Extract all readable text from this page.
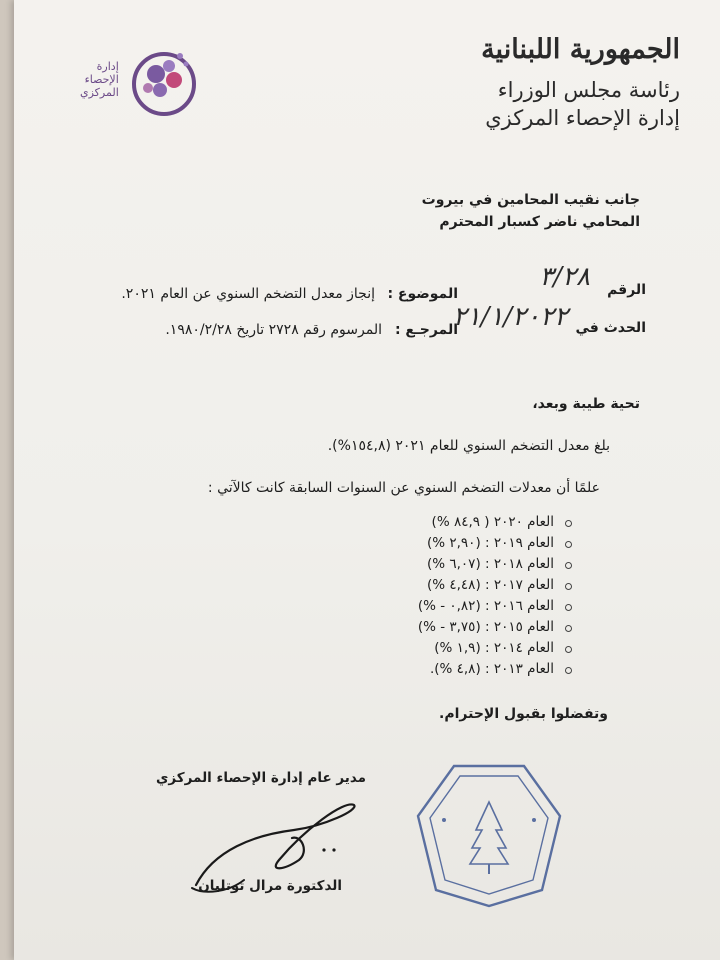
الجمهورية اللبنانية
رئاسة مجلس الوزراء
إدارة الإحصاء المركزي
إدارة
الإحصاء
المركزي
جانب نقيب المحامين في بيروت
المحامي ناضر كسبار المحترم
الرقم
٣/٢٨
الموضوع :
إنجاز معدل التضخم السنوي عن العام ٢٠٢١.
الحدث في
٢١/١/٢٠٢٢
المرجـع :
المرسوم رقم ٢٧٢٨ تاريخ ١٩٨٠/٢/٢٨.
تحية طيبة وبعد،
بلغ معدل التضخم السنوي للعام ٢٠٢١ (١٥٤,٨%).
علمًا أن معدلات التضخم السنوي عن السنوات السابقة كانت كالآتي :
العام ٢٠٢٠ ( ٨٤,٩ %)
العام ٢٠١٩ : (٢,٩٠ %)
العام ٢٠١٨ : (٦,٠٧ %)
العام ٢٠١٧ : (٤,٤٨ %)
العام ٢٠١٦ : (٠,٨٢ - %)
العام ٢٠١٥ : (٣,٧٥ - %)
العام ٢٠١٤ : (١,٩ %)
العام ٢٠١٣ : (٤,٨ %).
وتفضلوا بقبول الإحترام.
مدير عام إدارة الإحصاء المركزي
الدكتورة مرال توتليان
